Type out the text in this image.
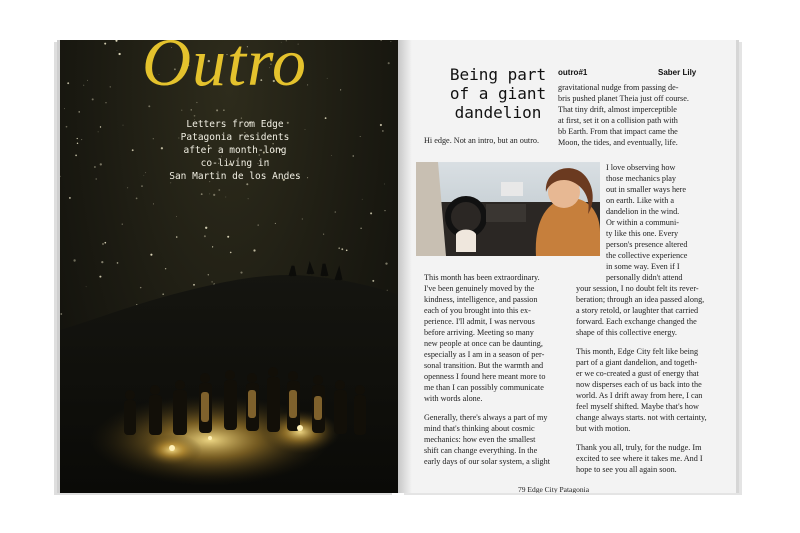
Outro
Letters from Edge
Patagonia residents
after a month-long
co-living in
San Martin de los Andes
Being part
of a giant
dandelion
outro#1	Saber Lily
gravitational nudge from passing de-
bris pushed planet Theia just off course.
That tiny drift, almost imperceptible
at first, set it on a collision path with
bb Earth. From that impact came the
Moon, the tides, and eventually, life.
Hi edge. Not an intro, but an outro.
I love observing how
those mechanics play
out in smaller ways here
on earth. Like with a
dandelion in the wind.
Or within a communi-
ty like this one. Every
person's presence altered
the collective experience
in some way. Even if I
personally didn't attend

This month has been extraordinary.
I've been genuinely moved by the
kindness, intelligence, and passion
each of you brought into this ex-
perience. I'll admit, I was nervous
before arriving. Meeting so many
new people at once can be daunting,
especially as I am in a season of per-
sonal transition. But the warmth and
openness I found here meant more to
me than I can possibly communicate
with words alone.

Generally, there's always a part of my
mind that's thinking about cosmic
mechanics: how even the smallest
shift can change everything. In the
early days of our solar system, a slight

your session, I no doubt felt its rever-
beration; through an idea passed along,
a story retold, or laughter that carried
forward. Each exchange changed the
shape of this collective energy.

This month, Edge City felt like being
part of a giant dandelion, and togeth-
er we co-created a gust of energy that
now disperses each of us back into the
world. As I drift away from here, I can
feel myself shifted. Maybe that's how
change always starts. not with certainty,
but with motion.

Thank you all, truly, for the nudge. Im
excited to see where it takes me. And I
hope to see you all again soon.

79 Edge City Patagonia
